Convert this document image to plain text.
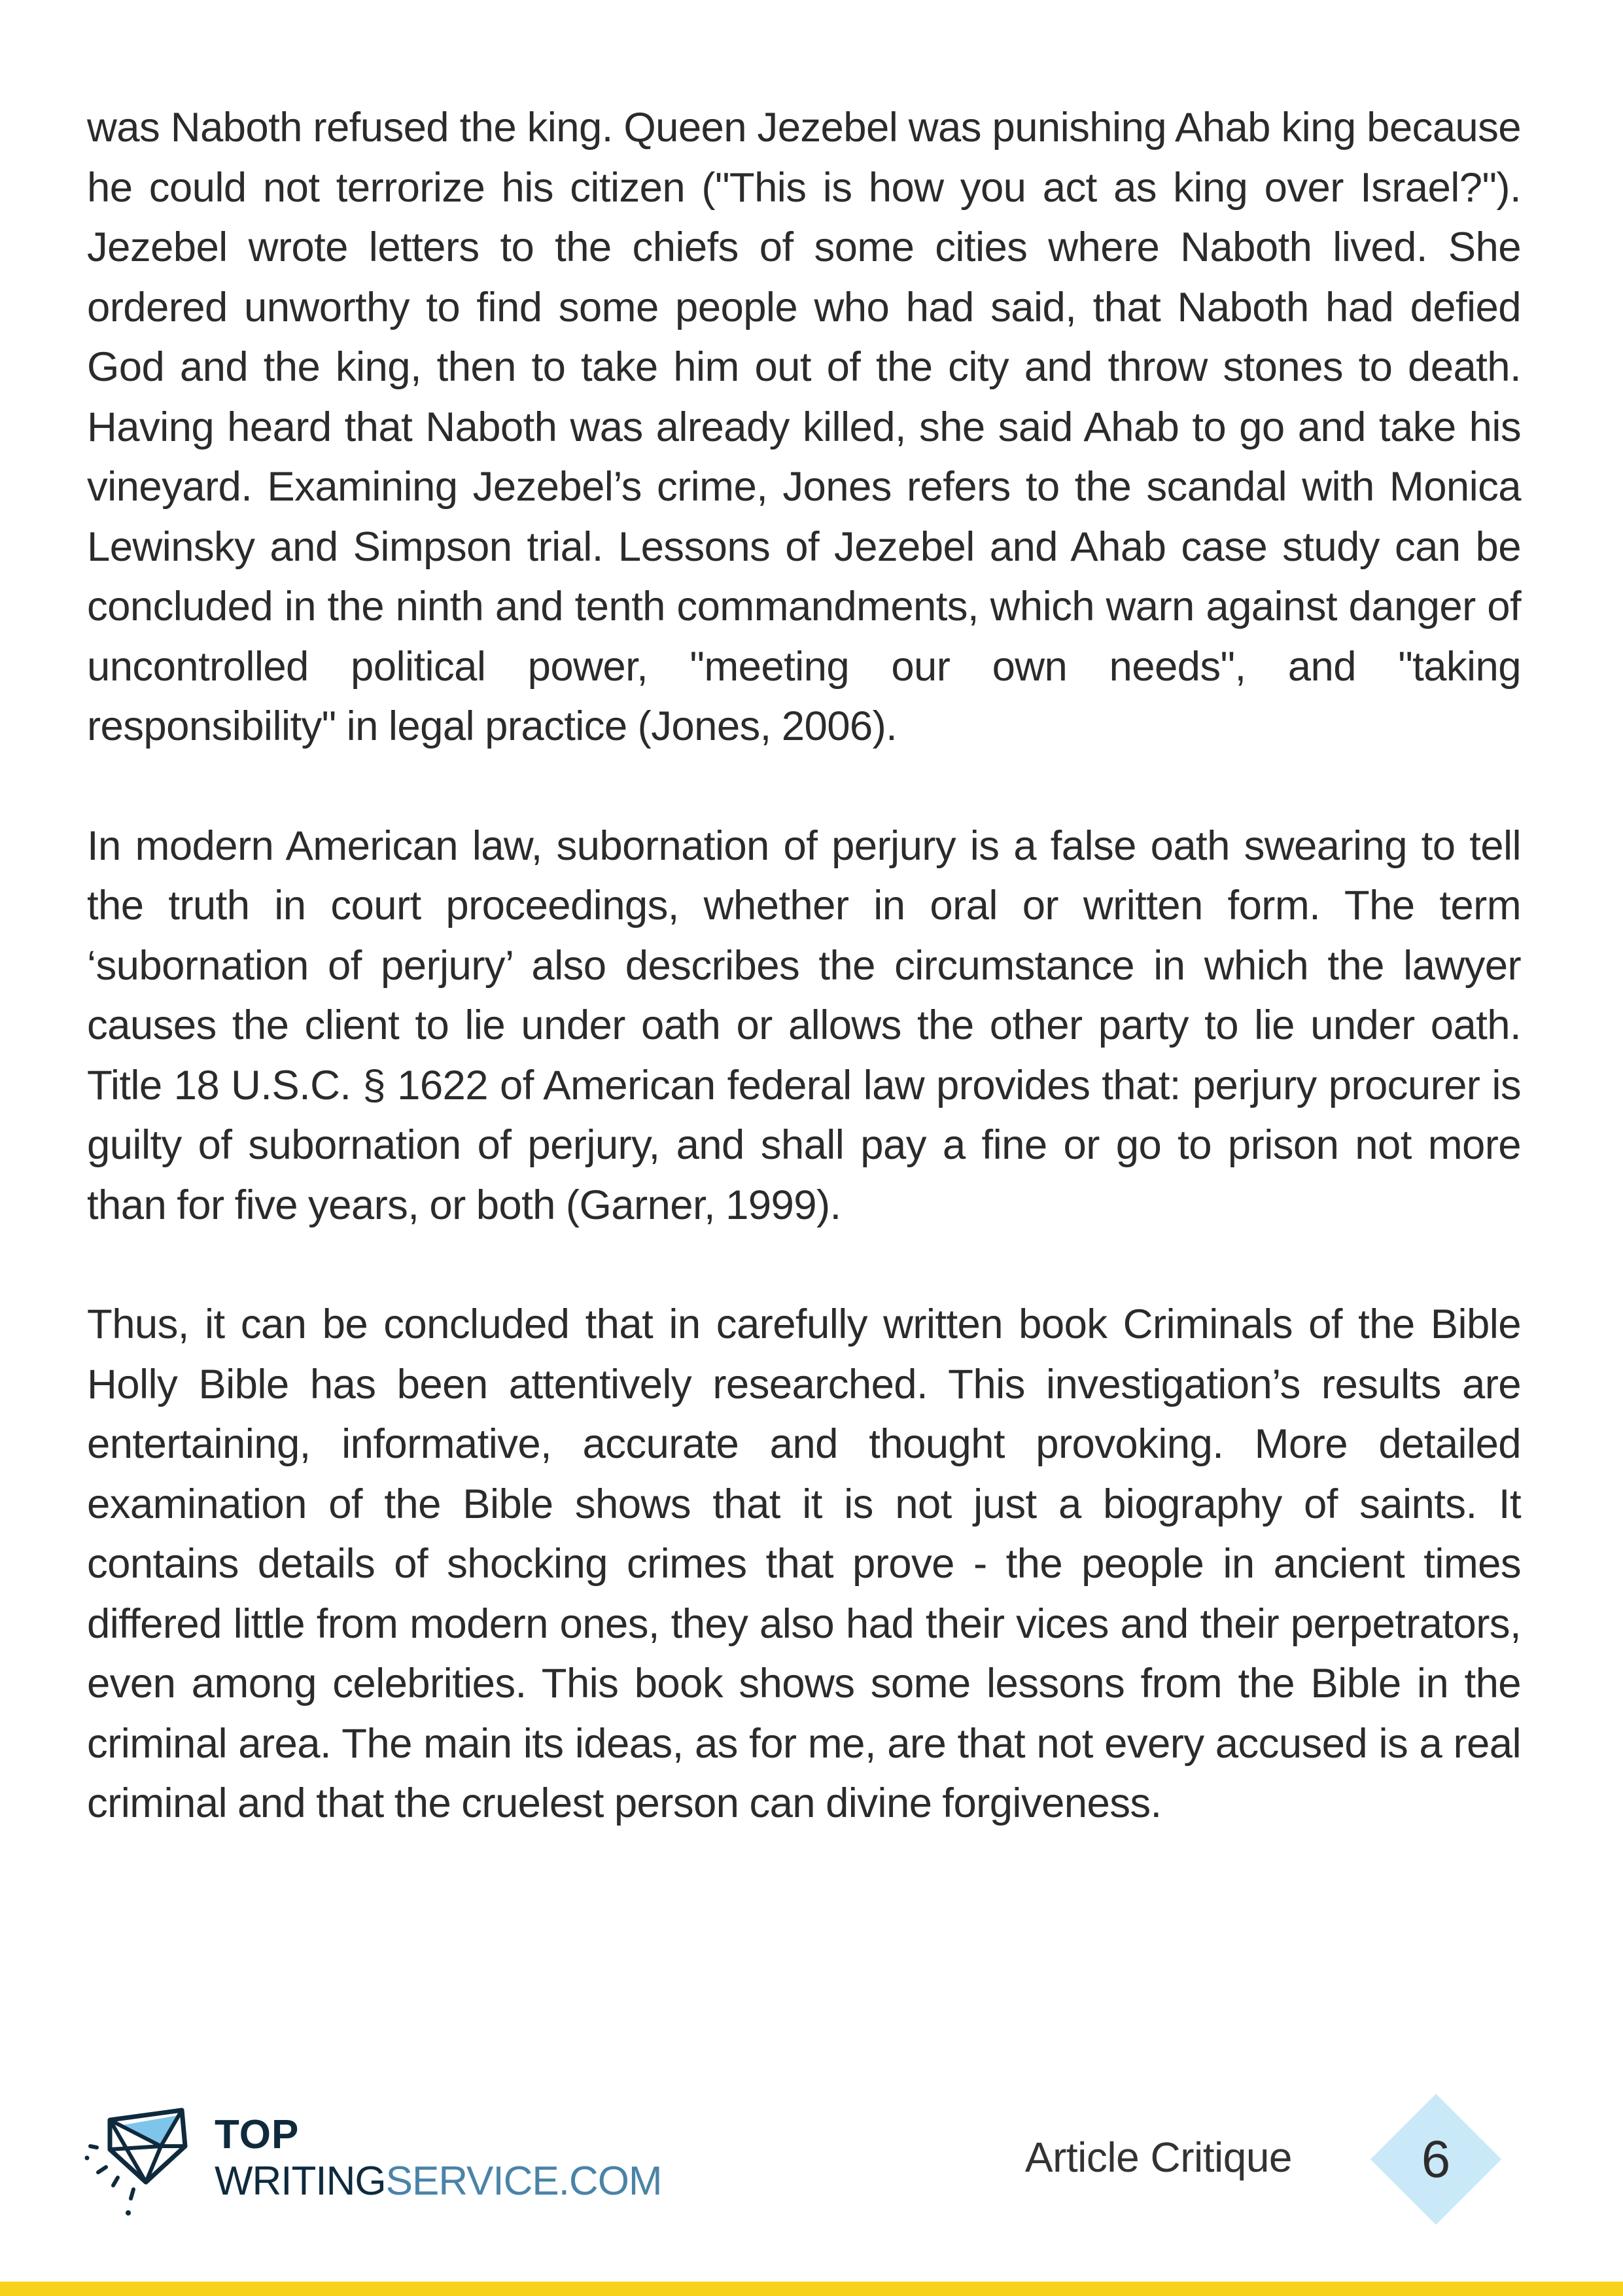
was Naboth refused the king. Queen Jezebel was punishing Ahab king because he could not terrorize his citizen ("This is how you act as king over Israel?"). Jezebel wrote letters to the chiefs of some cities where Naboth lived. She ordered unworthy to find some people who had said, that Naboth had defied God and the king, then to take him out of the city and throw stones to death. Having heard that Naboth was already killed, she said Ahab to go and take his vineyard. Examining Jezebel’s crime, Jones refers to the scandal with Monica Lewinsky and Simpson trial. Lessons of Jezebel and Ahab case study can be concluded in the ninth and tenth commandments, which warn against danger of uncontrolled political power, "meeting our own needs", and "taking responsibility" in legal practice (Jones, 2006).

In modern American law, subornation of perjury is a false oath swearing to tell the truth in court proceedings, whether in oral or written form. The term ‘subornation of perjury’ also describes the circumstance in which the lawyer causes the client to lie under oath or allows the other party to lie under oath. Title 18 U.S.C. § 1622 of American federal law provides that: perjury procurer is guilty of subornation of perjury, and shall pay a fine or go to prison not more than for five years, or both (Garner, 1999).

Thus, it can be concluded that in carefully written book Criminals of the Bible Holly Bible has been attentively researched. This investigation’s results are entertaining, informative, accurate and thought provoking. More detailed examination of the Bible shows that it is not just a biography of saints. It contains details of shocking crimes that prove - the people in ancient times differed little from modern ones, they also had their vices and their perpetrators, even among celebrities. This book shows some lessons from the Bible in the criminal area. The main its ideas, as for me, are that not every accused is a real criminal and that the cruelest person can divine forgiveness.

TOP
WRITINGSERVICE.COM
Article Critique	6
